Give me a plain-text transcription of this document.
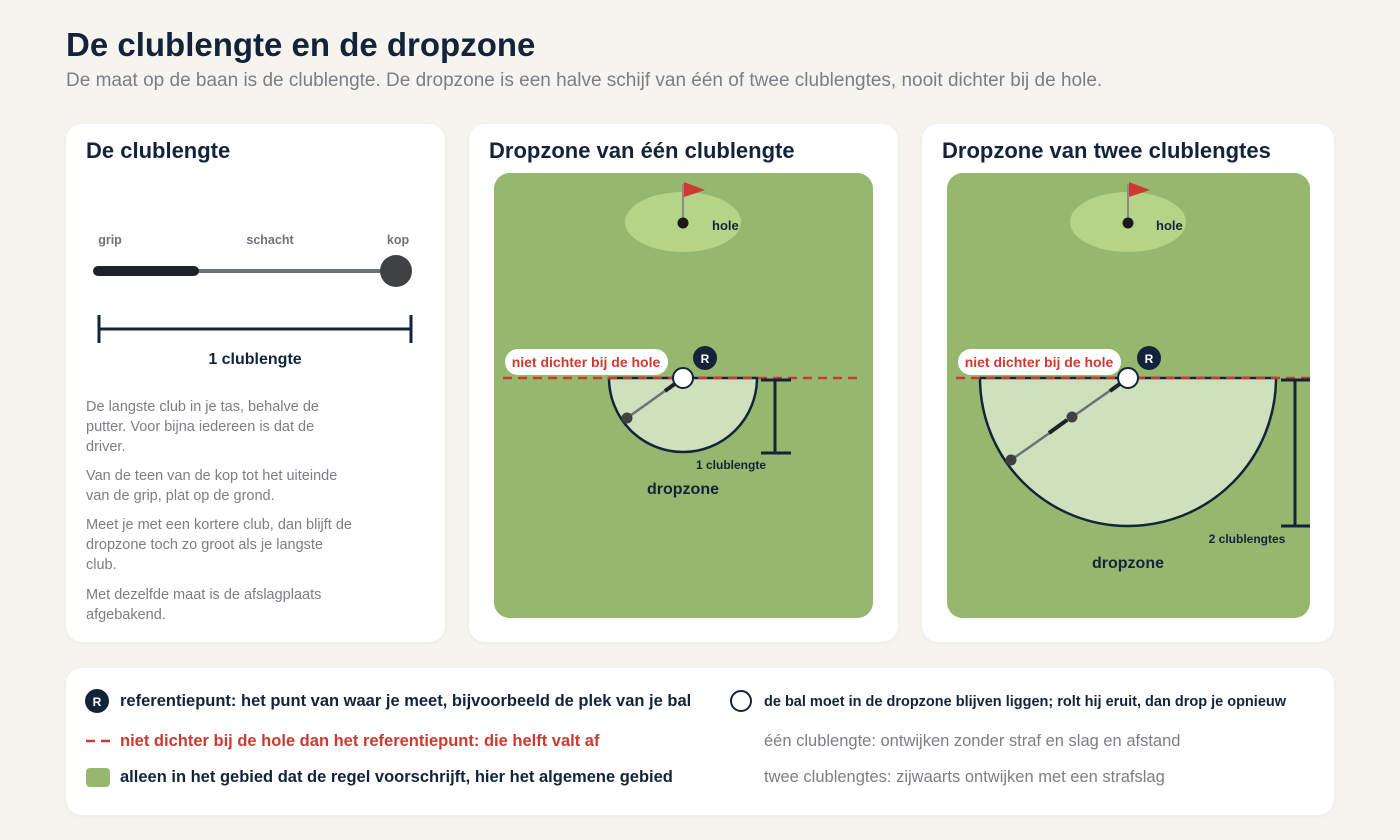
De clublengte en de dropzone

De maat op de baan is de clublengte. De dropzone is een halve schijf van één of twee clublengtes, nooit dichter bij de hole.

De clublengte
grip	schacht	kop
1 clublengte

De langste club in je tas, behalve de putter. Voor bijna iedereen is dat de driver.

Van de teen van de kop tot het uiteinde van de grip, plat op de grond.

Meet je met een kortere club, dan blijft de dropzone toch zo groot als je langste club.

Met dezelfde maat is de afslagplaats afgebakend.

Dropzone van één clublengte
hole
1 clublengte
dropzone
niet dichter bij de hole	R
Dropzone van twee clublengtes
hole
2 clublengtes
dropzone
niet dichter bij de hole	R
R referentiepunt: het punt van waar je meet, bijvoorbeeld de plek van je bal
niet dichter bij de hole dan het referentiepunt: die helft valt af
alleen in het gebied dat de regel voorschrijft, hier het algemene gebied
de bal moet in de dropzone blijven liggen; rolt hij eruit, dan drop je opnieuw
één clublengte: ontwijken zonder straf en slag en afstand
twee clublengtes: zijwaarts ontwijken met een strafslag
